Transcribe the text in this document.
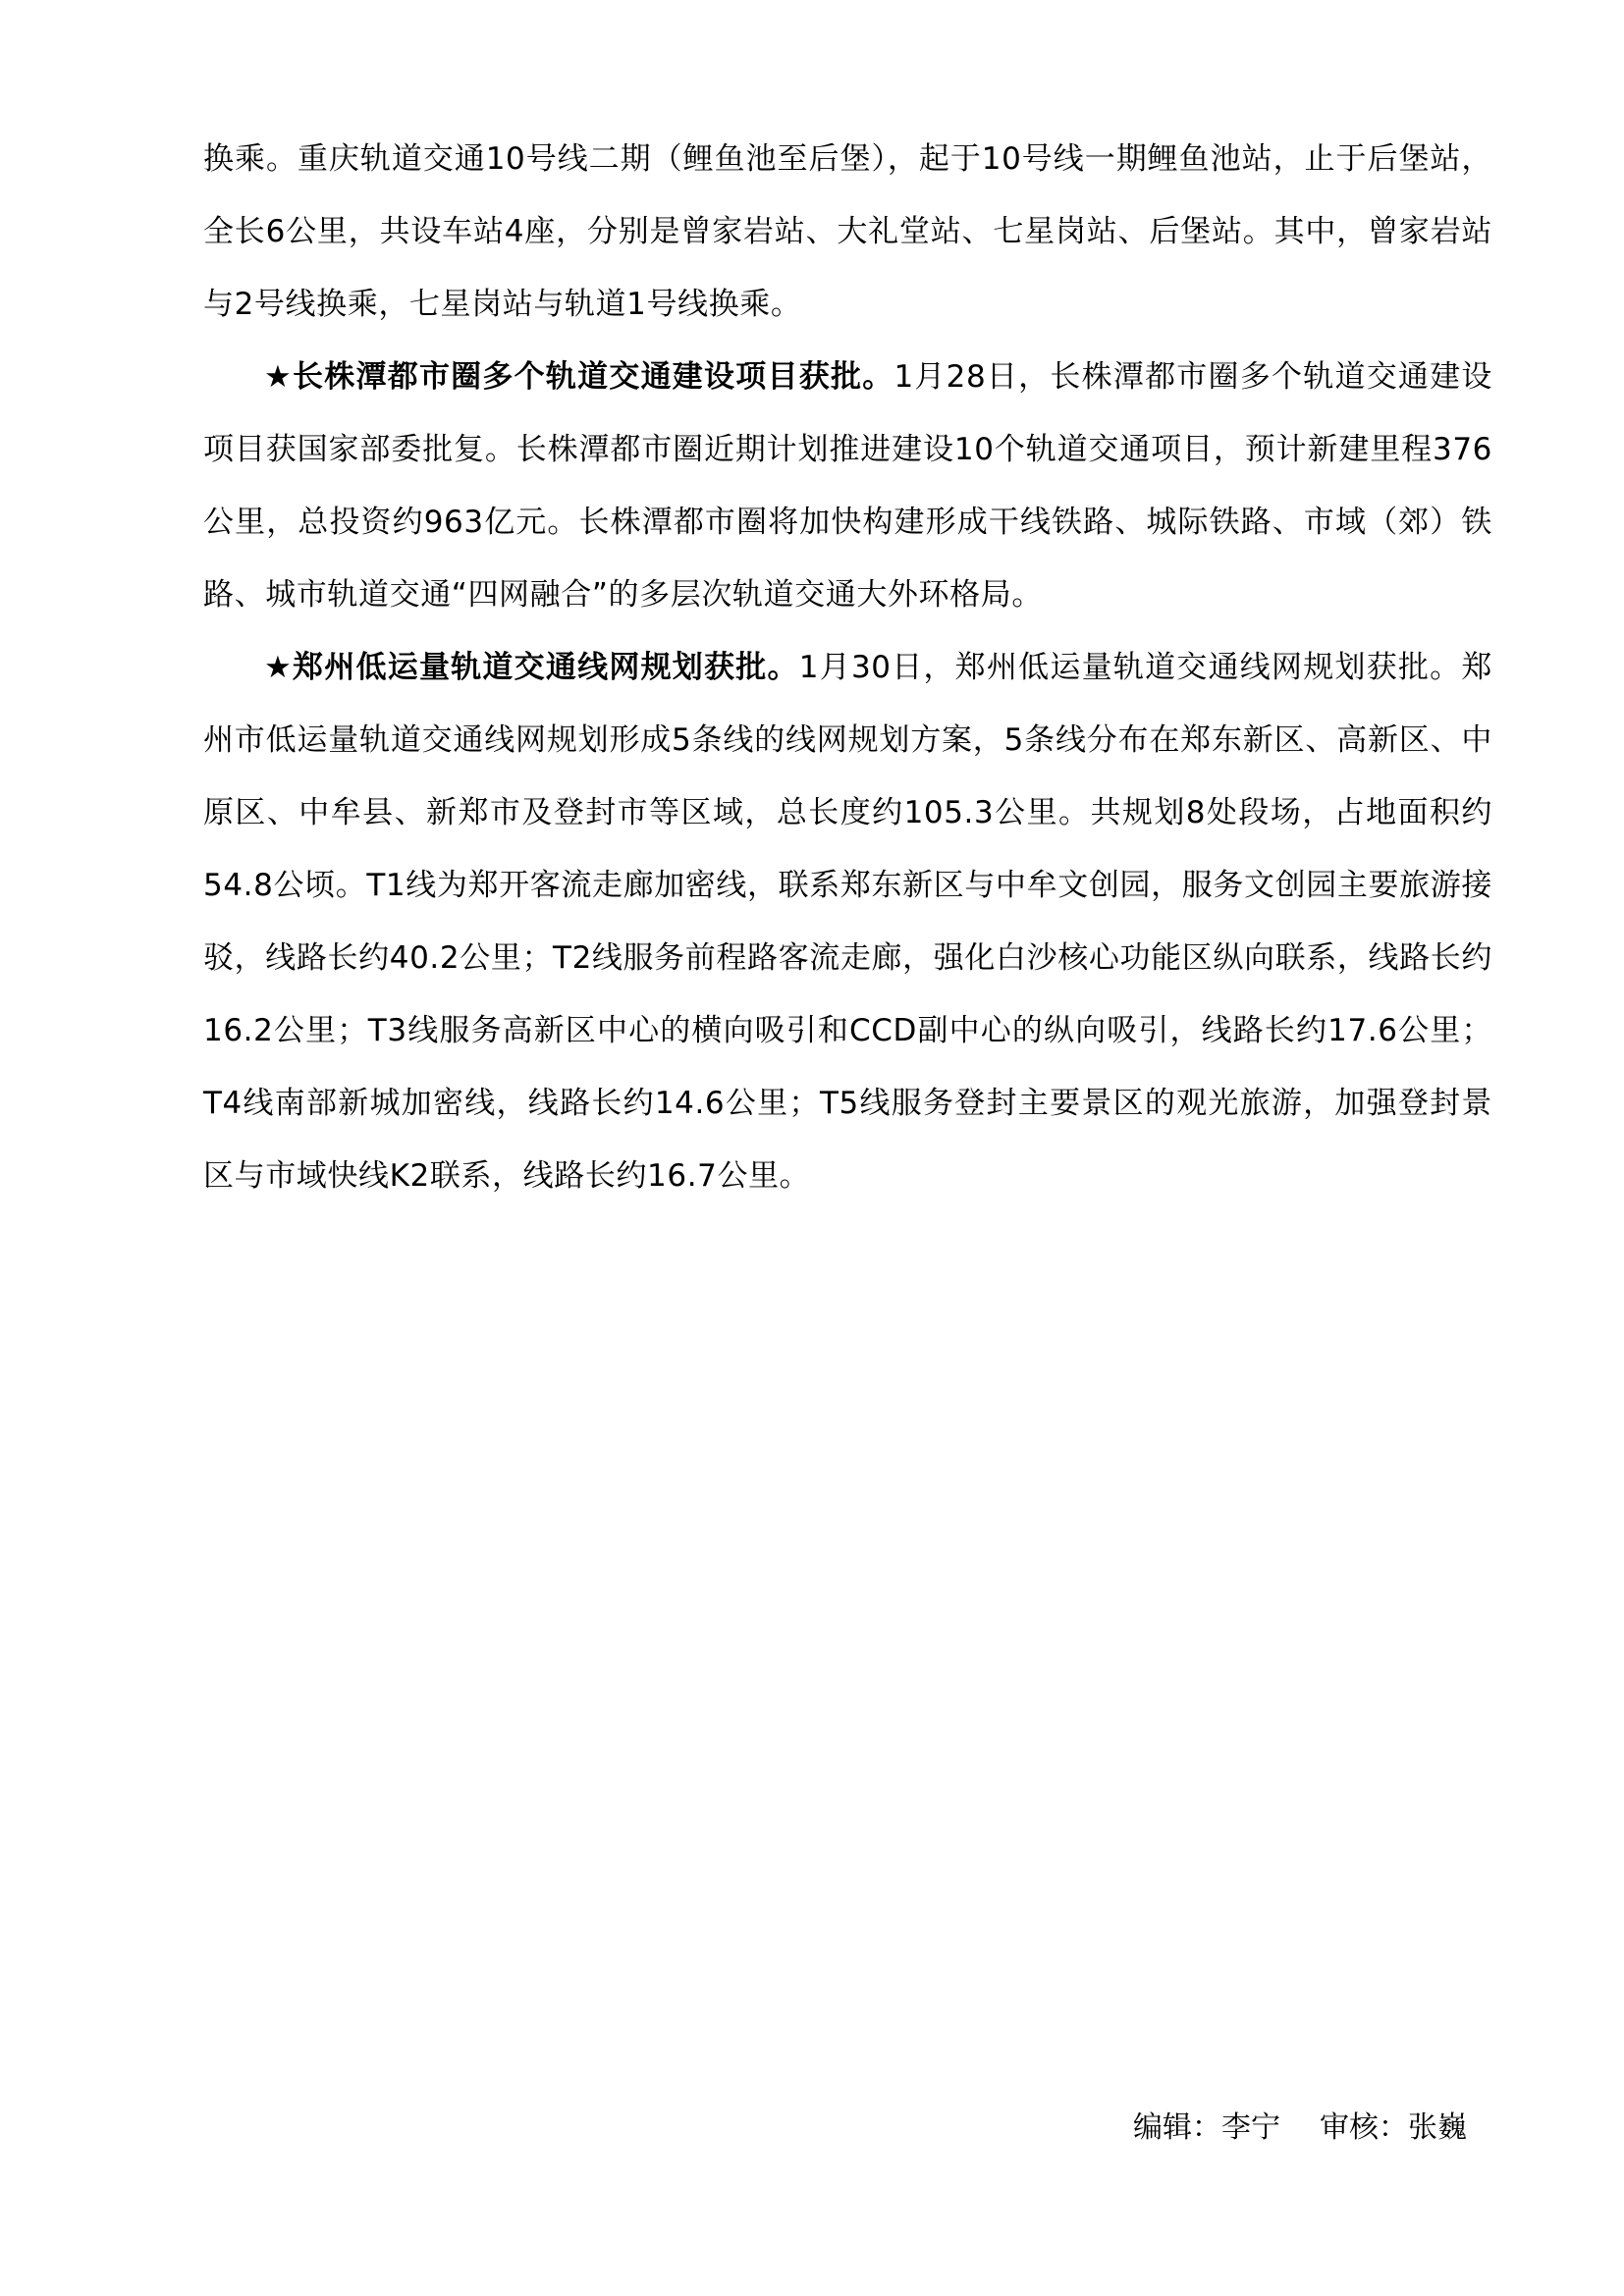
换乘。重庆轨道交通10号线二期（鲤鱼池至后堡），起于10号线一期鲤鱼池站，止于后堡站，全长6公里，共设车站4座，分别是曾家岩站、大礼堂站、七星岗站、后堡站。其中，曾家岩站与2号线换乘，七星岗站与轨道1号线换乘。

★长株潭都市圈多个轨道交通建设项目获批。1月28日，长株潭都市圈多个轨道交通建设项目获国家部委批复。长株潭都市圈近期计划推进建设10个轨道交通项目，预计新建里程376公里，总投资约963亿元。长株潭都市圈将加快构建形成干线铁路、城际铁路、市域（郊）铁路、城市轨道交通“四网融合”的多层次轨道交通大外环格局。

★郑州低运量轨道交通线网规划获批。1月30日，郑州低运量轨道交通线网规划获批。郑州市低运量轨道交通线网规划形成5条线的线网规划方案，5条线分布在郑东新区、高新区、中原区、中牟县、新郑市及登封市等区域，总长度约105.3公里。共规划8处段场，占地面积约54.8公顷。T1线为郑开客流走廊加密线，联系郑东新区与中牟文创园，服务文创园主要旅游接驳，线路长约40.2公里；T2线服务前程路客流走廊，强化白沙核心功能区纵向联系，线路长约16.2公里；T3线服务高新区中心的横向吸引和CCD副中心的纵向吸引，线路长约17.6公里；T4线南部新城加密线，线路长约14.6公里；T5线服务登封主要景区的观光旅游，加强登封景区与市域快线K2联系，线路长约16.7公里。

编辑：李宁 审核：张巍
